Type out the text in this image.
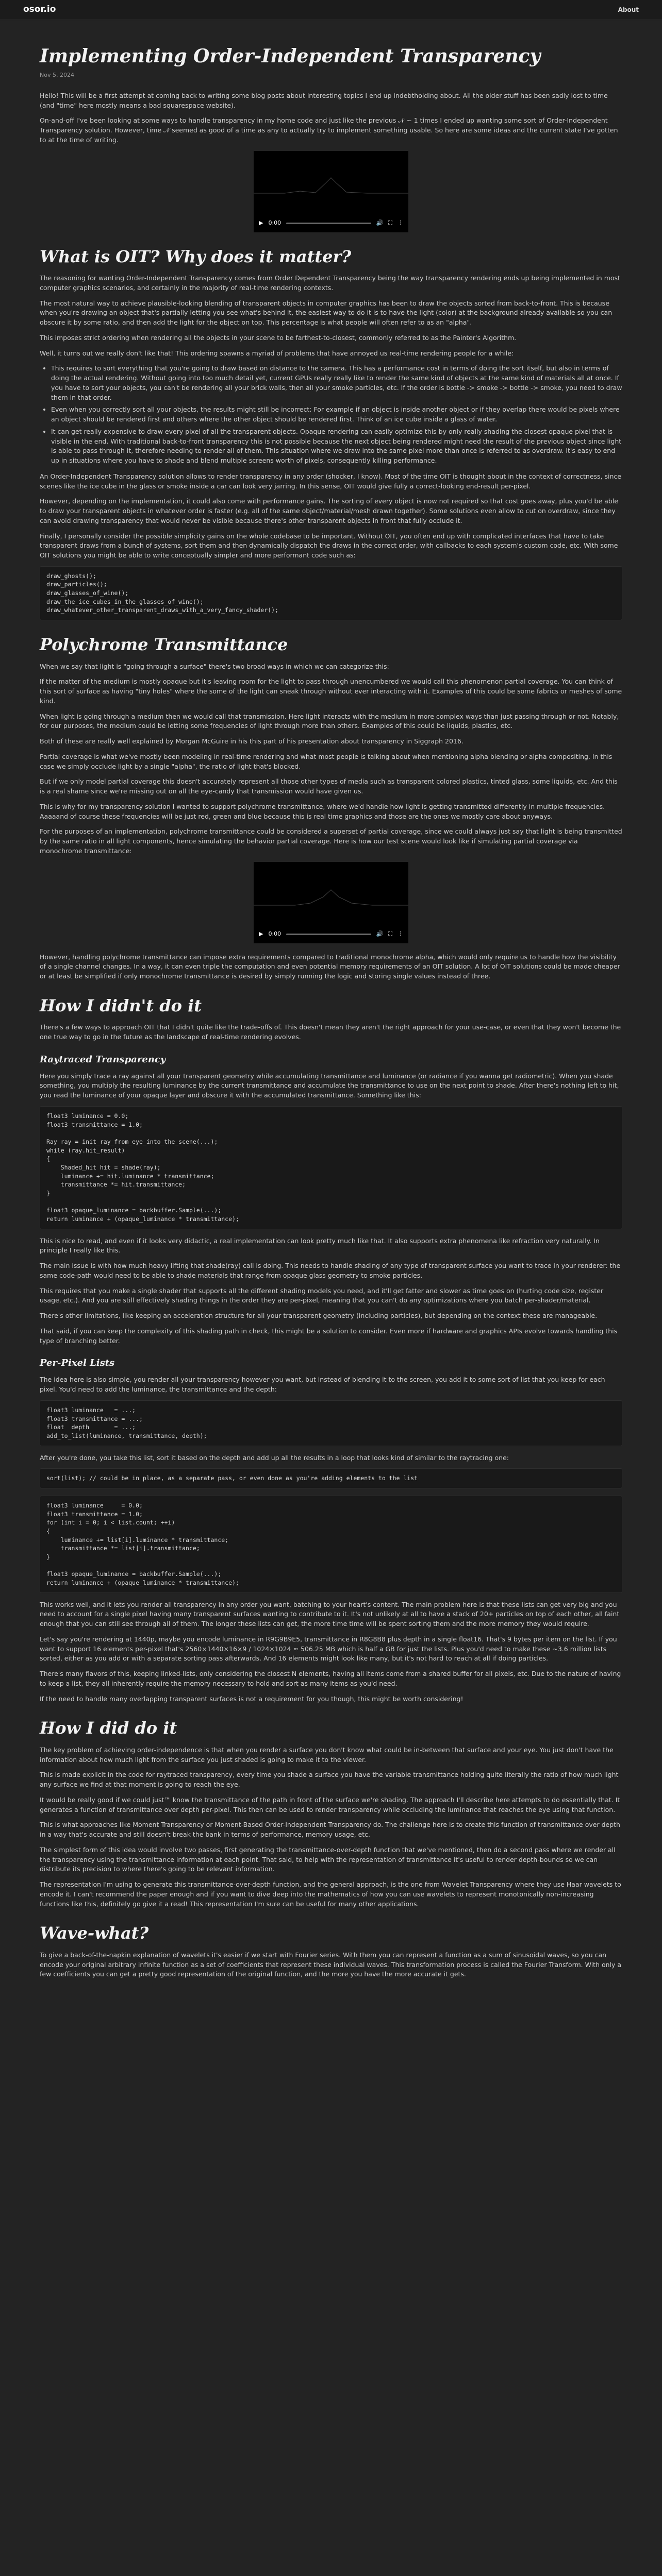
osor.io	About
Implementing Order-Independent Transparency
Nov 5, 2024

Hello! This will be a first attempt at coming back to writing some blog posts about interesting topics I end up indebtholding about. All the older stuff has been sadly lost to time (and "time" here mostly means a bad squarespace website).

On-and-off I've been looking at some ways to handle transparency in my home code and just like the previous 𝒩 ~ 1 times I ended up wanting some sort of Order-Independent Transparency solution. However, time 𝒩 seemed as good of a time as any to actually try to implement something usable. So here are some ideas and the current state I've gotten to at the time of writing.

▶ 0:00	🔊 ⛶ ⋮
What is OIT? Why does it matter?

The reasoning for wanting Order-Independent Transparency comes from Order Dependent Transparency being the way transparency rendering ends up being implemented in most computer graphics scenarios, and certainly in the majority of real-time rendering contexts.

The most natural way to achieve plausible-looking blending of transparent objects in computer graphics has been to draw the objects sorted from back-to-front. This is because when you're drawing an object that's partially letting you see what's behind it, the easiest way to do it is to have the light (color) at the background already available so you can obscure it by some ratio, and then add the light for the object on top. This percentage is what people will often refer to as an "alpha".

This imposes strict ordering when rendering all the objects in your scene to be farthest-to-closest, commonly referred to as the Painter's Algorithm.

Well, it turns out we really don't like that! This ordering spawns a myriad of problems that have annoyed us real-time rendering people for a while:

• This requires to sort everything that you're going to draw based on distance to the camera. This has a performance cost in terms of doing the sort itself, but also in terms of doing the actual rendering. Without going into too much detail yet, current GPUs really really like to render the same kind of objects at the same kind of materials all at once. If you have to sort your objects, you can't be rendering all your brick walls, then all your smoke particles, etc. If the order is bottle -> smoke -> bottle -> smoke, you need to draw them in that order.
• Even when you correctly sort all your objects, the results might still be incorrect: For example if an object is inside another object or if they overlap there would be pixels where an object should be rendered first and others where the other object should be rendered first. Think of an ice cube inside a glass of water.
• It can get really expensive to draw every pixel of all the transparent objects. Opaque rendering can easily optimize this by only really shading the closest opaque pixel that is visible in the end. With traditional back-to-front transparency this is not possible because the next object being rendered might need the result of the previous object since light is able to pass through it, therefore needing to render all of them. This situation where we draw into the same pixel more than once is referred to as overdraw. It's easy to end up in situations where you have to shade and blend multiple screens worth of pixels, consequently killing performance.

An Order-Independent Transparency solution allows to render transparency in any order (shocker, I know). Most of the time OIT is thought about in the context of correctness, since scenes like the ice cube in the glass or smoke inside a car can look very jarring. In this sense, OIT would give fully a correct-looking end-result per-pixel.

However, depending on the implementation, it could also come with performance gains. The sorting of every object is now not required so that cost goes away, plus you'd be able to draw your transparent objects in whatever order is faster (e.g. all of the same object/material/mesh drawn together). Some solutions even allow to cut on overdraw, since they can avoid drawing transparency that would never be visible because there's other transparent objects in front that fully occlude it.

Finally, I personally consider the possible simplicity gains on the whole codebase to be important. Without OIT, you often end up with complicated interfaces that have to take transparent draws from a bunch of systems, sort them and then dynamically dispatch the draws in the correct order, with callbacks to each system's custom code, etc. With some OIT solutions you might be able to write conceptually simpler and more performant code such as:

draw_ghosts();
draw_particles();
draw_glasses_of_wine();
draw_the_ice_cubes_in_the_glasses_of_wine();
draw_whatever_other_transparent_draws_with_a_very_fancy_shader();
Polychrome Transmittance

When we say that light is "going through a surface" there's two broad ways in which we can categorize this:

If the matter of the medium is mostly opaque but it's leaving room for the light to pass through unencumbered we would call this phenomenon partial coverage. You can think of this sort of surface as having "tiny holes" where the some of the light can sneak through without ever interacting with it. Examples of this could be some fabrics or meshes of some kind.

When light is going through a medium then we would call that transmission. Here light interacts with the medium in more complex ways than just passing through or not. Notably, for our purposes, the medium could be letting some frequencies of light through more than others. Examples of this could be liquids, plastics, etc.

Both of these are really well explained by Morgan McGuire in his this part of his presentation about transparency in Siggraph 2016.

Partial coverage is what we've mostly been modeling in real-time rendering and what most people is talking about when mentioning alpha blending or alpha compositing. In this case we simply occlude light by a single "alpha", the ratio of light that's blocked.

But if we only model partial coverage this doesn't accurately represent all those other types of media such as transparent colored plastics, tinted glass, some liquids, etc. And this is a real shame since we're missing out on all the eye-candy that transmission would have given us.

This is why for my transparency solution I wanted to support polychrome transmittance, where we'd handle how light is getting transmitted differently in multiple frequencies. Aaaaand of course these frequencies will be just red, green and blue because this is real time graphics and those are the ones we mostly care about anyways.

For the purposes of an implementation, polychrome transmittance could be considered a superset of partial coverage, since we could always just say that light is being transmitted by the same ratio in all light components, hence simulating the behavior partial coverage. Here is how our test scene would look like if simulating partial coverage via monochrome transmittance:

▶ 0:00	🔊 ⛶ ⋮

However, handling polychrome transmittance can impose extra requirements compared to traditional monochrome alpha, which would only require us to handle how the visibility of a single channel changes. In a way, it can even triple the computation and even potential memory requirements of an OIT solution. A lot of OIT solutions could be made cheaper or at least be simplified if only monochrome transmittance is desired by simply running the logic and storing single values instead of three.

How I didn't do it

There's a few ways to approach OIT that I didn't quite like the trade-offs of. This doesn't mean they aren't the right approach for your use-case, or even that they won't become the one true way to go in the future as the landscape of real-time rendering evolves.

Raytraced Transparency

Here you simply trace a ray against all your transparent geometry while accumulating transmittance and luminance (or radiance if you wanna get radiometric). When you shade something, you multiply the resulting luminance by the current transmittance and accumulate the transmittance to use on the next point to shade. After there's nothing left to hit, you read the luminance of your opaque layer and obscure it with the accumulated transmittance. Something like this:

float3 luminance = 0.0;
float3 transmittance = 1.0;

Ray ray = init_ray_from_eye_into_the_scene(...);
while (ray.hit_result)
{
Shaded_hit hit = shade(ray);
luminance += hit.luminance * transmittance;
transmittance *= hit.transmittance;
}

float3 opaque_luminance = backbuffer.Sample(...);
return luminance + (opaque_luminance * transmittance);

This is nice to read, and even if it looks very didactic, a real implementation can look pretty much like that. It also supports extra phenomena like refraction very naturally. In principle I really like this.

The main issue is with how much heavy lifting that shade(ray) call is doing. This needs to handle shading of any type of transparent surface you want to trace in your renderer: the same code-path would need to be able to shade materials that range from opaque glass geometry to smoke particles.

This requires that you make a single shader that supports all the different shading models you need, and it'll get fatter and slower as time goes on (hurting code size, register usage, etc.). And you are still effectively shading things in the order they are per-pixel, meaning that you can't do any optimizations where you batch per-shader/material.

There's other limitations, like keeping an acceleration structure for all your transparent geometry (including particles), but depending on the context these are manageable.

That said, if you can keep the complexity of this shading path in check, this might be a solution to consider. Even more if hardware and graphics APIs evolve towards handling this type of branching better.

Per-Pixel Lists

The idea here is also simple, you render all your transparency however you want, but instead of blending it to the screen, you add it to some sort of list that you keep for each pixel. You'd need to add the luminance, the transmittance and the depth:

float3 luminance   = ...;
float3 transmittance = ...;
float  depth       = ...;
add_to_list(luminance, transmittance, depth);

After you're done, you take this list, sort it based on the depth and add up all the results in a loop that looks kind of similar to the raytracing one:

sort(list); // could be in place, as a separate pass, or even done as you're adding elements to the list
float3 luminance     = 0.0;
float3 transmittance = 1.0;
for (int i = 0; i < list.count; ++i)
{
luminance += list[i].luminance * transmittance;
transmittance *= list[i].transmittance;
}

float3 opaque_luminance = backbuffer.Sample(...);
return luminance + (opaque_luminance * transmittance);

This works well, and it lets you render all transparency in any order you want, batching to your heart's content. The main problem here is that these lists can get very big and you need to account for a single pixel having many transparent surfaces wanting to contribute to it. It's not unlikely at all to have a stack of 20+ particles on top of each other, all faint enough that you can still see through all of them. The longer these lists can get, the more time time will be spent sorting them and the more memory they would require.

Let's say you're rendering at 1440p, maybe you encode luminance in R9G9B9E5, transmittance in R8G8B8 plus depth in a single float16. That's 9 bytes per item on the list. If you want to support 16 elements per-pixel that's 2560×1440×16×9 / 1024×1024 ≈ 506.25 MB which is half a GB for just the lists. Plus you'd need to make these ~3.6 million lists sorted, either as you add or with a separate sorting pass afterwards. And 16 elements might look like many, but it's not hard to reach at all if doing particles.

There's many flavors of this, keeping linked-lists, only considering the closest N elements, having all items come from a shared buffer for all pixels, etc. Due to the nature of having to keep a list, they all inherently require the memory necessary to hold and sort as many items as you'd need.

If the need to handle many overlapping transparent surfaces is not a requirement for you though, this might be worth considering!

How I did do it

The key problem of achieving order-independence is that when you render a surface you don't know what could be in-between that surface and your eye. You just don't have the information about how much light from the surface you just shaded is going to make it to the viewer.

This is made explicit in the code for raytraced transparency, every time you shade a surface you have the variable transmittance holding quite literally the ratio of how much light any surface we find at that moment is going to reach the eye.

It would be really good if we could just™ know the transmittance of the path in front of the surface we're shading. The approach I'll describe here attempts to do essentially that. It generates a function of transmittance over depth per-pixel. This then can be used to render transparency while occluding the luminance that reaches the eye using that function.

This is what approaches like Moment Transparency or Moment-Based Order-Independent Transparency do. The challenge here is to create this function of transmittance over depth in a way that's accurate and still doesn't break the bank in terms of performance, memory usage, etc.

The simplest form of this idea would involve two passes, first generating the transmittance-over-depth function that we've mentioned, then do a second pass where we render all the transparency using the transmittance information at each point. That said, to help with the representation of transmittance it's useful to render depth-bounds so we can distribute its precision to where there's going to be relevant information.

The representation I'm using to generate this transmittance-over-depth function, and the general approach, is the one from Wavelet Transparency where they use Haar wavelets to encode it. I can't recommend the paper enough and if you want to dive deep into the mathematics of how you can use wavelets to represent monotonically non-increasing functions like this, definitely go give it a read! This representation I'm sure can be useful for many other applications.

Wave-what?

To give a back-of-the-napkin explanation of wavelets it's easier if we start with Fourier series. With them you can represent a function as a sum of sinusoidal waves, so you can encode your original arbitrary infinite function as a set of coefficients that represent these individual waves. This transformation process is called the Fourier Transform. With only a few coefficients you can get a pretty good representation of the original function, and the more you have the more accurate it gets.
